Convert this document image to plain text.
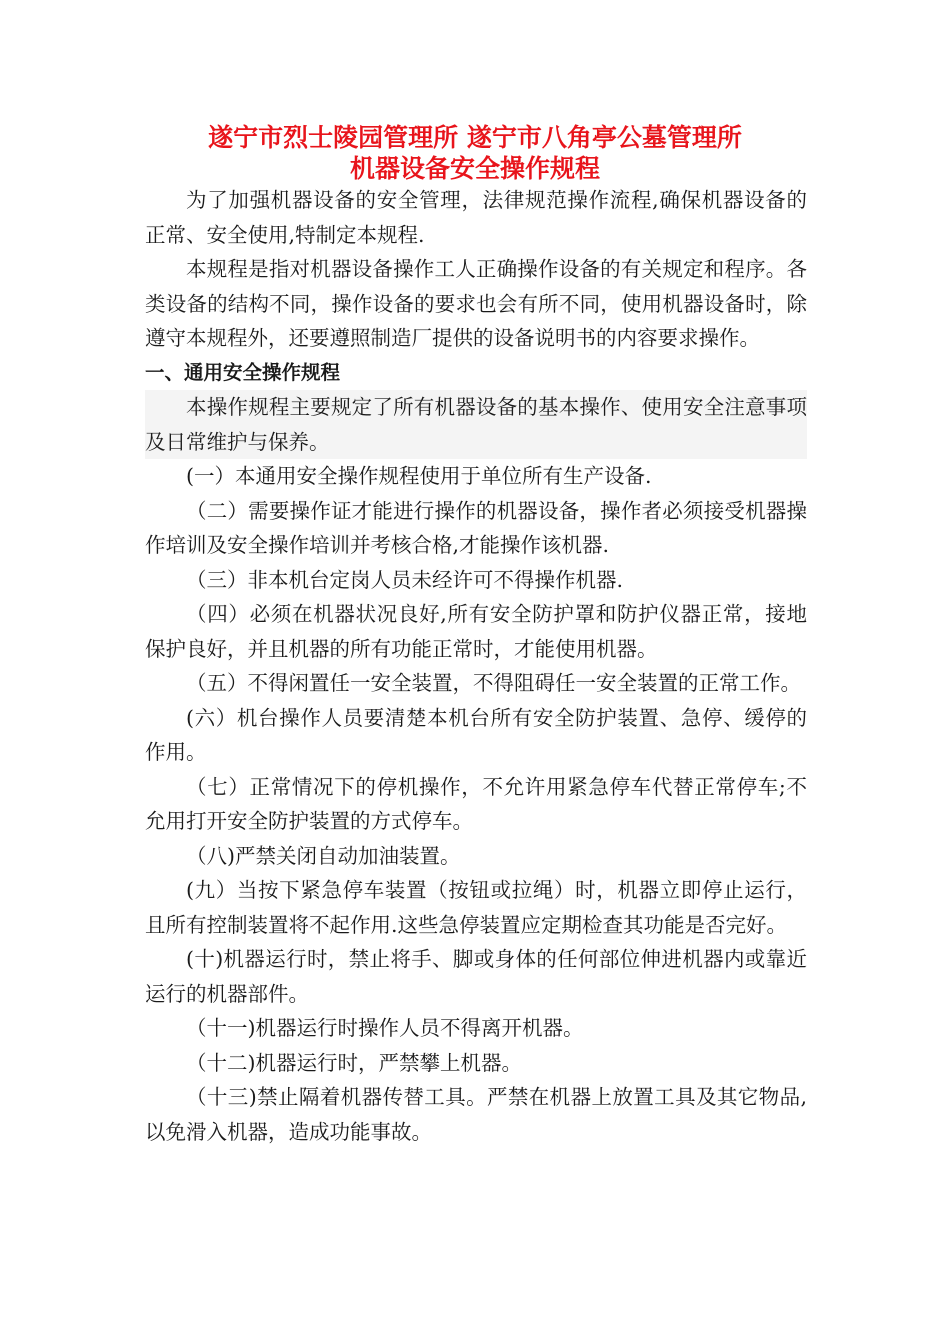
遂宁市烈士陵园管理所 遂宁市八角亭公墓管理所
机器设备安全操作规程

为了加强机器设备的安全管理，法律规范操作流程,确保机器设备的正常、安全使用,特制定本规程.

本规程是指对机器设备操作工人正确操作设备的有关规定和程序。各类设备的结构不同，操作设备的要求也会有所不同，使用机器设备时，除遵守本规程外，还要遵照制造厂提供的设备说明书的内容要求操作。

一、通用安全操作规程

本操作规程主要规定了所有机器设备的基本操作、使用安全注意事项及日常维护与保养。

(一）本通用安全操作规程使用于单位所有生产设备.

（二）需要操作证才能进行操作的机器设备，操作者必须接受机器操作培训及安全操作培训并考核合格,才能操作该机器.

（三）非本机台定岗人员未经许可不得操作机器.

（四）必须在机器状况良好,所有安全防护罩和防护仪器正常，接地保护良好，并且机器的所有功能正常时，才能使用机器。

（五）不得闲置任一安全装置，不得阻碍任一安全装置的正常工作。

(六）机台操作人员要清楚本机台所有安全防护装置、急停、缓停的作用。

（七）正常情况下的停机操作，不允许用紧急停车代替正常停车;不允用打开安全防护装置的方式停车。

（八)严禁关闭自动加油装置。

(九）当按下紧急停车装置（按钮或拉绳）时，机器立即停止运行，且所有控制装置将不起作用.这些急停装置应定期检查其功能是否完好。

(十)机器运行时，禁止将手、脚或身体的任何部位伸进机器内或靠近运行的机器部件。

（十一)机器运行时操作人员不得离开机器。

（十二)机器运行时，严禁攀上机器。

（十三)禁止隔着机器传替工具。严禁在机器上放置工具及其它物品,以免滑入机器，造成功能事故。
